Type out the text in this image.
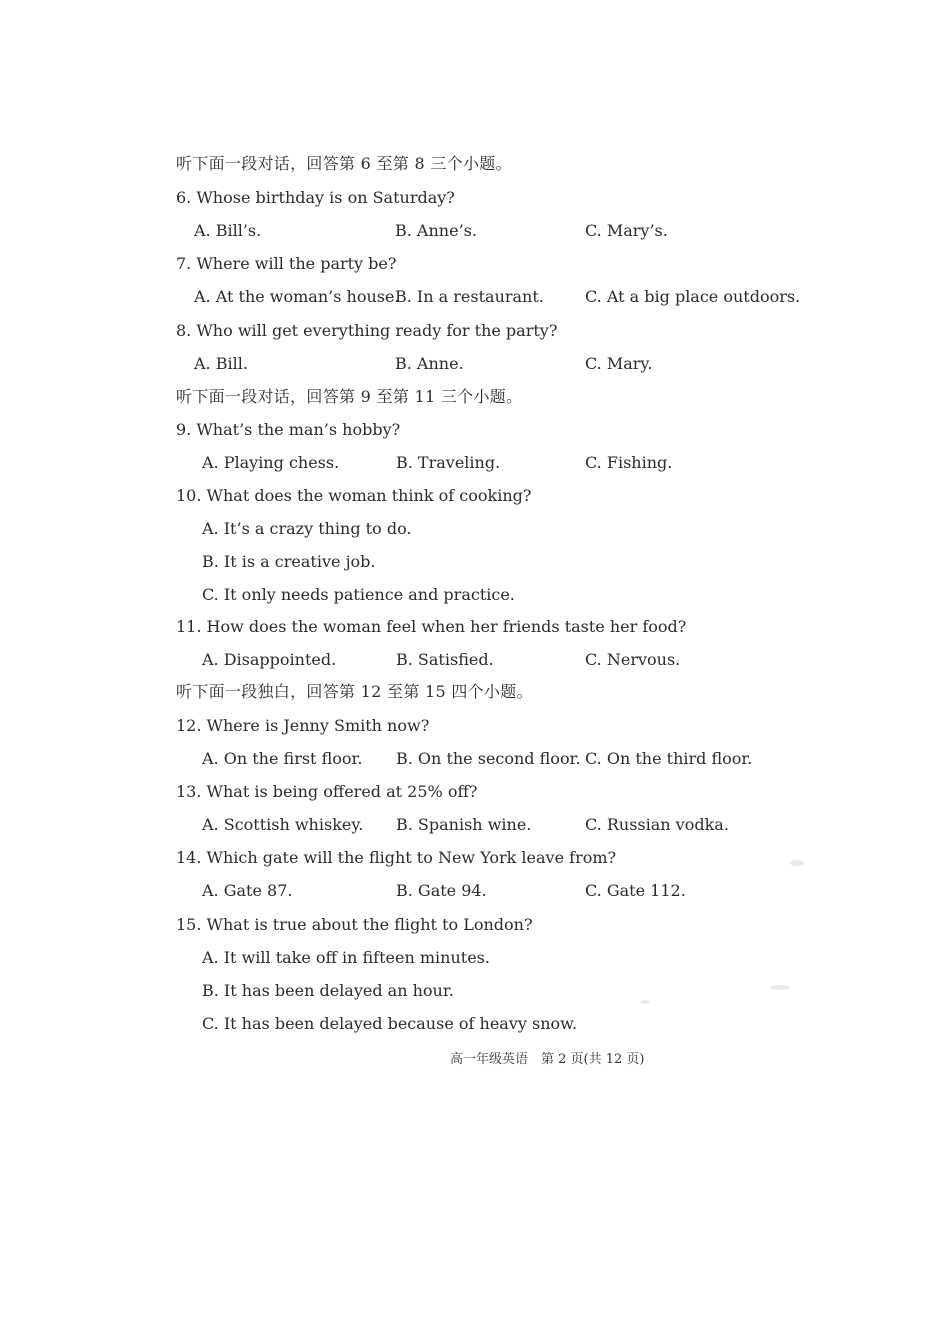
听下面一段对话，回答第 6 至第 8 三个小题。
6. Whose birthday is on Saturday?
A. Bill’s.	B. Anne’s.	C. Mary’s.
7. Where will the party be?
A. At the woman’s house.
B. In a restaurant.	C. At a big place outdoors.
8. Who will get everything ready for the party?
A. Bill.	B. Anne.	C. Mary.
听下面一段对话，回答第 9 至第 11 三个小题。
9. What’s the man’s hobby?
A. Playing chess.	B. Traveling.	C. Fishing.
10. What does the woman think of cooking?
A. It’s a crazy thing to do.
B. It is a creative job.
C. It only needs patience and practice.
11. How does the woman feel when her friends taste her food?
A. Disappointed.	B. Satisfied.	C. Nervous.
听下面一段独白，回答第 12 至第 15 四个小题。
12. Where is Jenny Smith now?
A. On the first floor. B. On the second floor. C. On the third floor.
13. What is being offered at 25% off?
A. Scottish whiskey. B. Spanish wine.	C. Russian vodka.
14. Which gate will the flight to New York leave from?
A. Gate 87.	B. Gate 94.	C. Gate 112.
15. What is true about the flight to London?
A. It will take off in fifteen minutes.
B. It has been delayed an hour.
C. It has been delayed because of heavy snow.
高一年级英语　第 2 页(共 12 页)
